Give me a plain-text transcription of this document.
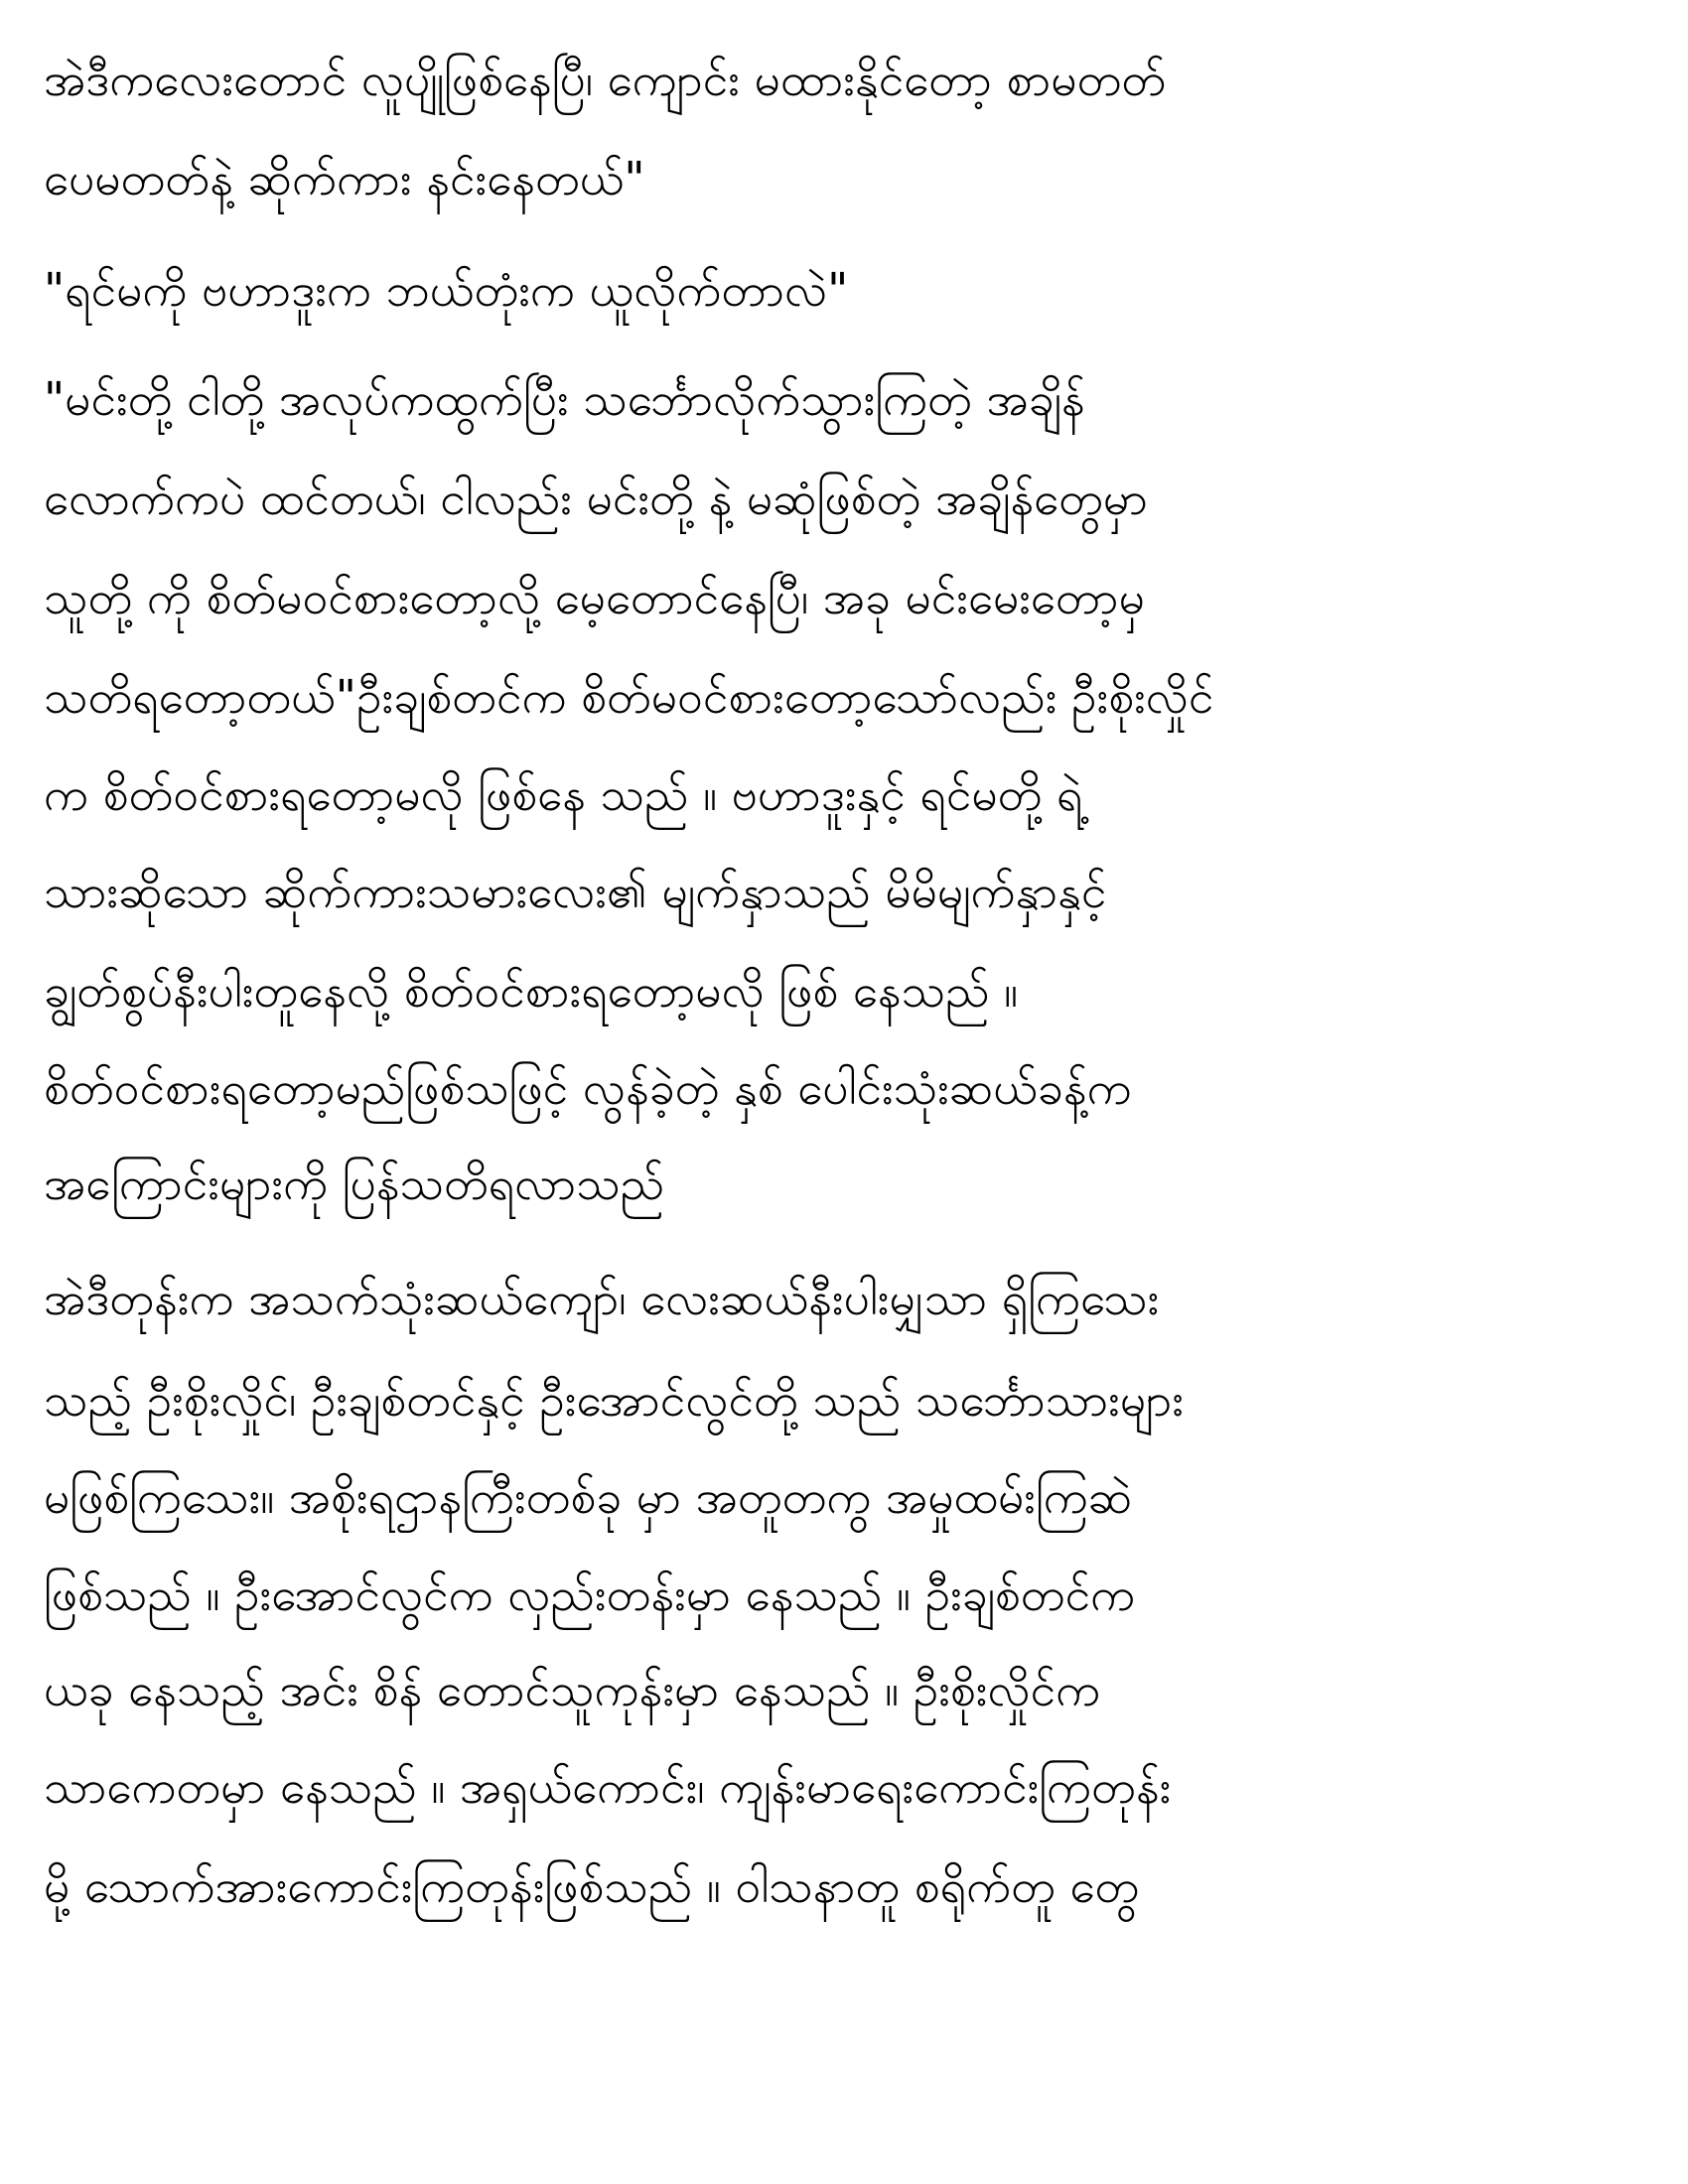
အဲဒီကလေးတောင် လူပျိုဖြစ်နေပြီ၊ ကျောင်း မထားနိုင်တော့ စာမတတ်
ပေမတတ်နဲ့ ဆိုက်ကား နင်းနေတယ်"
"ရင်မကို ဗဟာဒူးက ဘယ်တုံးက ယူလိုက်တာလဲ"
"မင်းတို့ ငါတို့ အလုပ်ကထွက်ပြီး သင်္ဘောလိုက်သွားကြတဲ့ အချိန်
လောက်ကပဲ ထင်တယ်၊ ငါလည်း မင်းတို့ နဲ့ မဆုံဖြစ်တဲ့ အချိန်တွေမှာ
သူတို့ ကို စိတ်မဝင်စားတော့လို့ မေ့တောင်နေပြီ၊ အခု မင်းမေးတော့မှ
သတိရတော့တယ်"ဦးချစ်တင်က စိတ်မဝင်စားတော့သော်လည်း ဦးစိုးလှိုင်
က စိတ်ဝင်စားရတော့မလို ဖြစ်နေ သည် ။ ဗဟာဒူးနှင့် ရင်မတို့ ရဲ့
သားဆိုသော ဆိုက်ကားသမားလေး၏ မျက်နှာသည် မိမိမျက်နှာနှင့်
ချွတ်စွပ်နီးပါးတူနေလို့ စိတ်ဝင်စားရတော့မလို ဖြစ် နေသည် ။
စိတ်ဝင်စားရတော့မည်ဖြစ်သဖြင့် လွန်ခဲ့တဲ့ နှစ် ပေါင်းသုံးဆယ်ခန့်က
အကြောင်းများကို ပြန်သတိရလာသည်
အဲဒီတုန်းက အသက်သုံးဆယ်ကျော်၊ လေးဆယ်နီးပါးမျှသာ ရှိကြသေး
သည့် ဦးစိုးလှိုင်၊ ဦးချစ်တင်နှင့် ဦးအောင်လွင်တို့ သည် သင်္ဘောသားများ
မဖြစ်ကြသေး။ အစိုးရဌာနကြီးတစ်ခု မှာ အတူတကွ အမှုထမ်းကြဆဲ
ဖြစ်သည် ။ ဦးအောင်လွင်က လှည်းတန်းမှာ နေသည် ။ ဦးချစ်တင်က
ယခု နေသည့် အင်း စိန် တောင်သူကုန်းမှာ နေသည် ။ ဦးစိုးလှိုင်က
သာကေတမှာ နေသည် ။ အရှယ်ကောင်း၊ ကျန်းမာရေးကောင်းကြတုန်း
မို့ သောက်အားကောင်းကြတုန်းဖြစ်သည် ။ ဝါသနာတူ စရိုက်တူ တွေ
